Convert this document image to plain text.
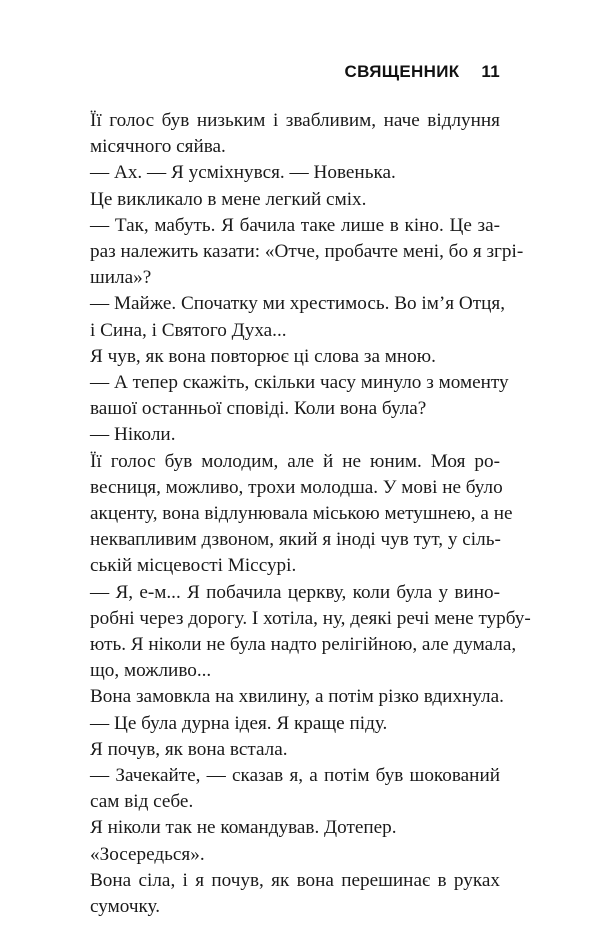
СВЯЩЕННИК 11
Її голос був низьким і звабливим, наче відлуння
місячного сяйва.
— Ах. — Я усміхнувся. — Новенька.
Це викликало в мене легкий сміх.
— Так, мабуть. Я бачила таке лише в кіно. Це за-
раз належить казати: «Отче, пробачте мені, бо я згрі-
шила»?
— Майже. Спочатку ми хрестимось. Во ім’я Отця,
і Сина, і Святого Духа...
Я чув, як вона повторює ці слова за мною.
— А тепер скажіть, скільки часу минуло з моменту
вашої останньої сповіді. Коли вона була?
— Ніколи.
Її голос був молодим, але й не юним. Моя ро-
весниця, можливо, трохи молодша. У мові не було
акценту, вона відлунювала міською метушнею, а не
неквапливим дзвоном, який я іноді чув тут, у сіль-
ській місцевості Міссурі.
— Я, е-м... Я побачила церкву, коли була у вино-
робні через дорогу. І хотіла, ну, деякі речі мене турбу-
ють. Я ніколи не була надто релігійною, але думала,
що, можливо...
Вона замовкла на хвилину, а потім різко вдихнула.
— Це була дурна ідея. Я краще піду.
Я почув, як вона встала.
— Зачекайте, — сказав я, а потім був шокований
сам від себе.
Я ніколи так не командував. Дотепер.
«Зосередься».
Вона сіла, і я почув, як вона перешинає в руках
сумочку.
